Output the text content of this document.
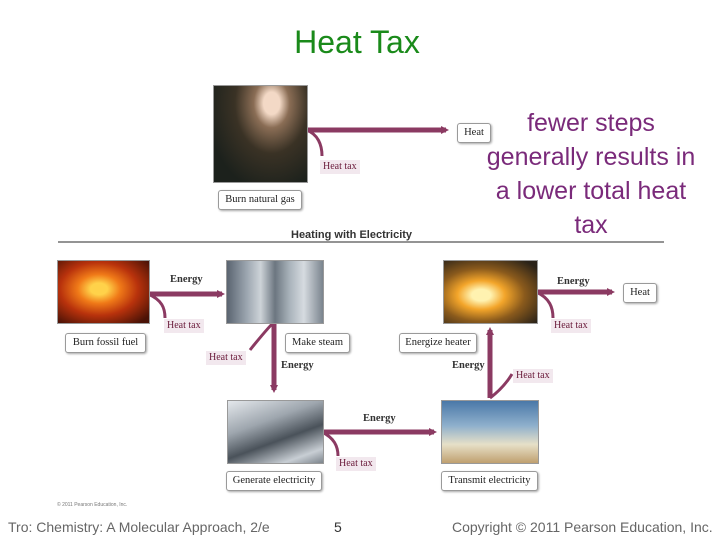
Heat Tax
fewer steps generally results in a lower total heat tax
Heating with Electricity
Burn natural gas
Heat
Burn fossil fuel	Make steam	Energize heater
Heat
Generate electricity	Transmit electricity
Heat tax
Heat tax
Heat tax
Heat tax
Heat tax
Heat tax
Energy
Energy
Energy
Energy
Energy
© 2011 Pearson Education, Inc.
Tro: Chemistry: A Molecular Approach, 2/e	5	Copyright © 2011 Pearson Education, Inc.
